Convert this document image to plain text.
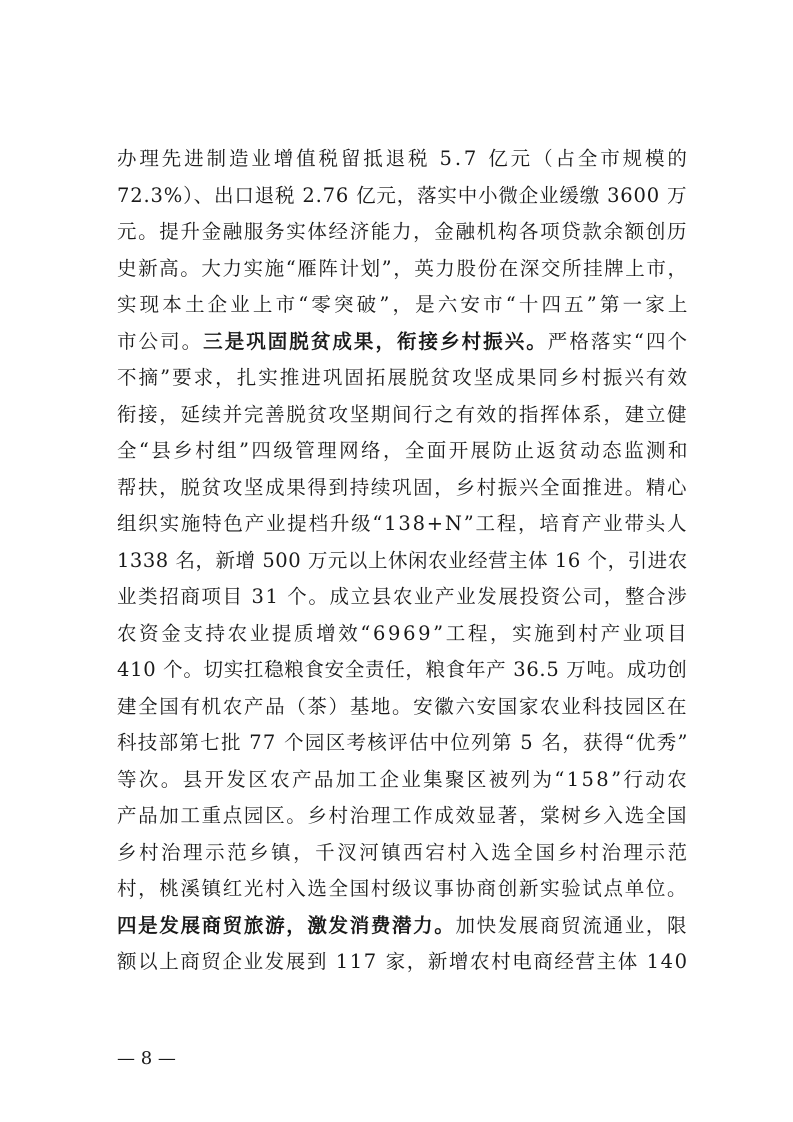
办理先进制造业增值税留抵退税 5.7 亿元（占全市规模的
72.3%）、出口退税 2.76 亿元，落实中小微企业缓缴 3600 万
元。提升金融服务实体经济能力，金融机构各项贷款余额创历
史新高。大力实施“雁阵计划”，英力股份在深交所挂牌上市，
实现本土企业上市“零突破”，是六安市“十四五”第一家上
市公司。三是巩固脱贫成果，衔接乡村振兴。严格落实“四个
不摘”要求，扎实推进巩固拓展脱贫攻坚成果同乡村振兴有效
衔接，延续并完善脱贫攻坚期间行之有效的指挥体系，建立健
全“县乡村组”四级管理网络，全面开展防止返贫动态监测和
帮扶，脱贫攻坚成果得到持续巩固，乡村振兴全面推进。精心
组织实施特色产业提档升级“138+N”工程，培育产业带头人
1338 名，新增 500 万元以上休闲农业经营主体 16 个，引进农
业类招商项目 31 个。成立县农业产业发展投资公司，整合涉
农资金支持农业提质增效“6969”工程，实施到村产业项目
410 个。切实扛稳粮食安全责任，粮食年产 36.5 万吨。成功创
建全国有机农产品（茶）基地。安徽六安国家农业科技园区在
科技部第七批 77 个园区考核评估中位列第 5 名，获得“优秀”
等次。县开发区农产品加工企业集聚区被列为“158”行动农
产品加工重点园区。乡村治理工作成效显著，棠树乡入选全国
乡村治理示范乡镇，千汊河镇西宕村入选全国乡村治理示范
村，桃溪镇红光村入选全国村级议事协商创新实验试点单位。
四是发展商贸旅游，激发消费潜力。加快发展商贸流通业，限
额以上商贸企业发展到 117 家，新增农村电商经营主体 140
— 8 —
